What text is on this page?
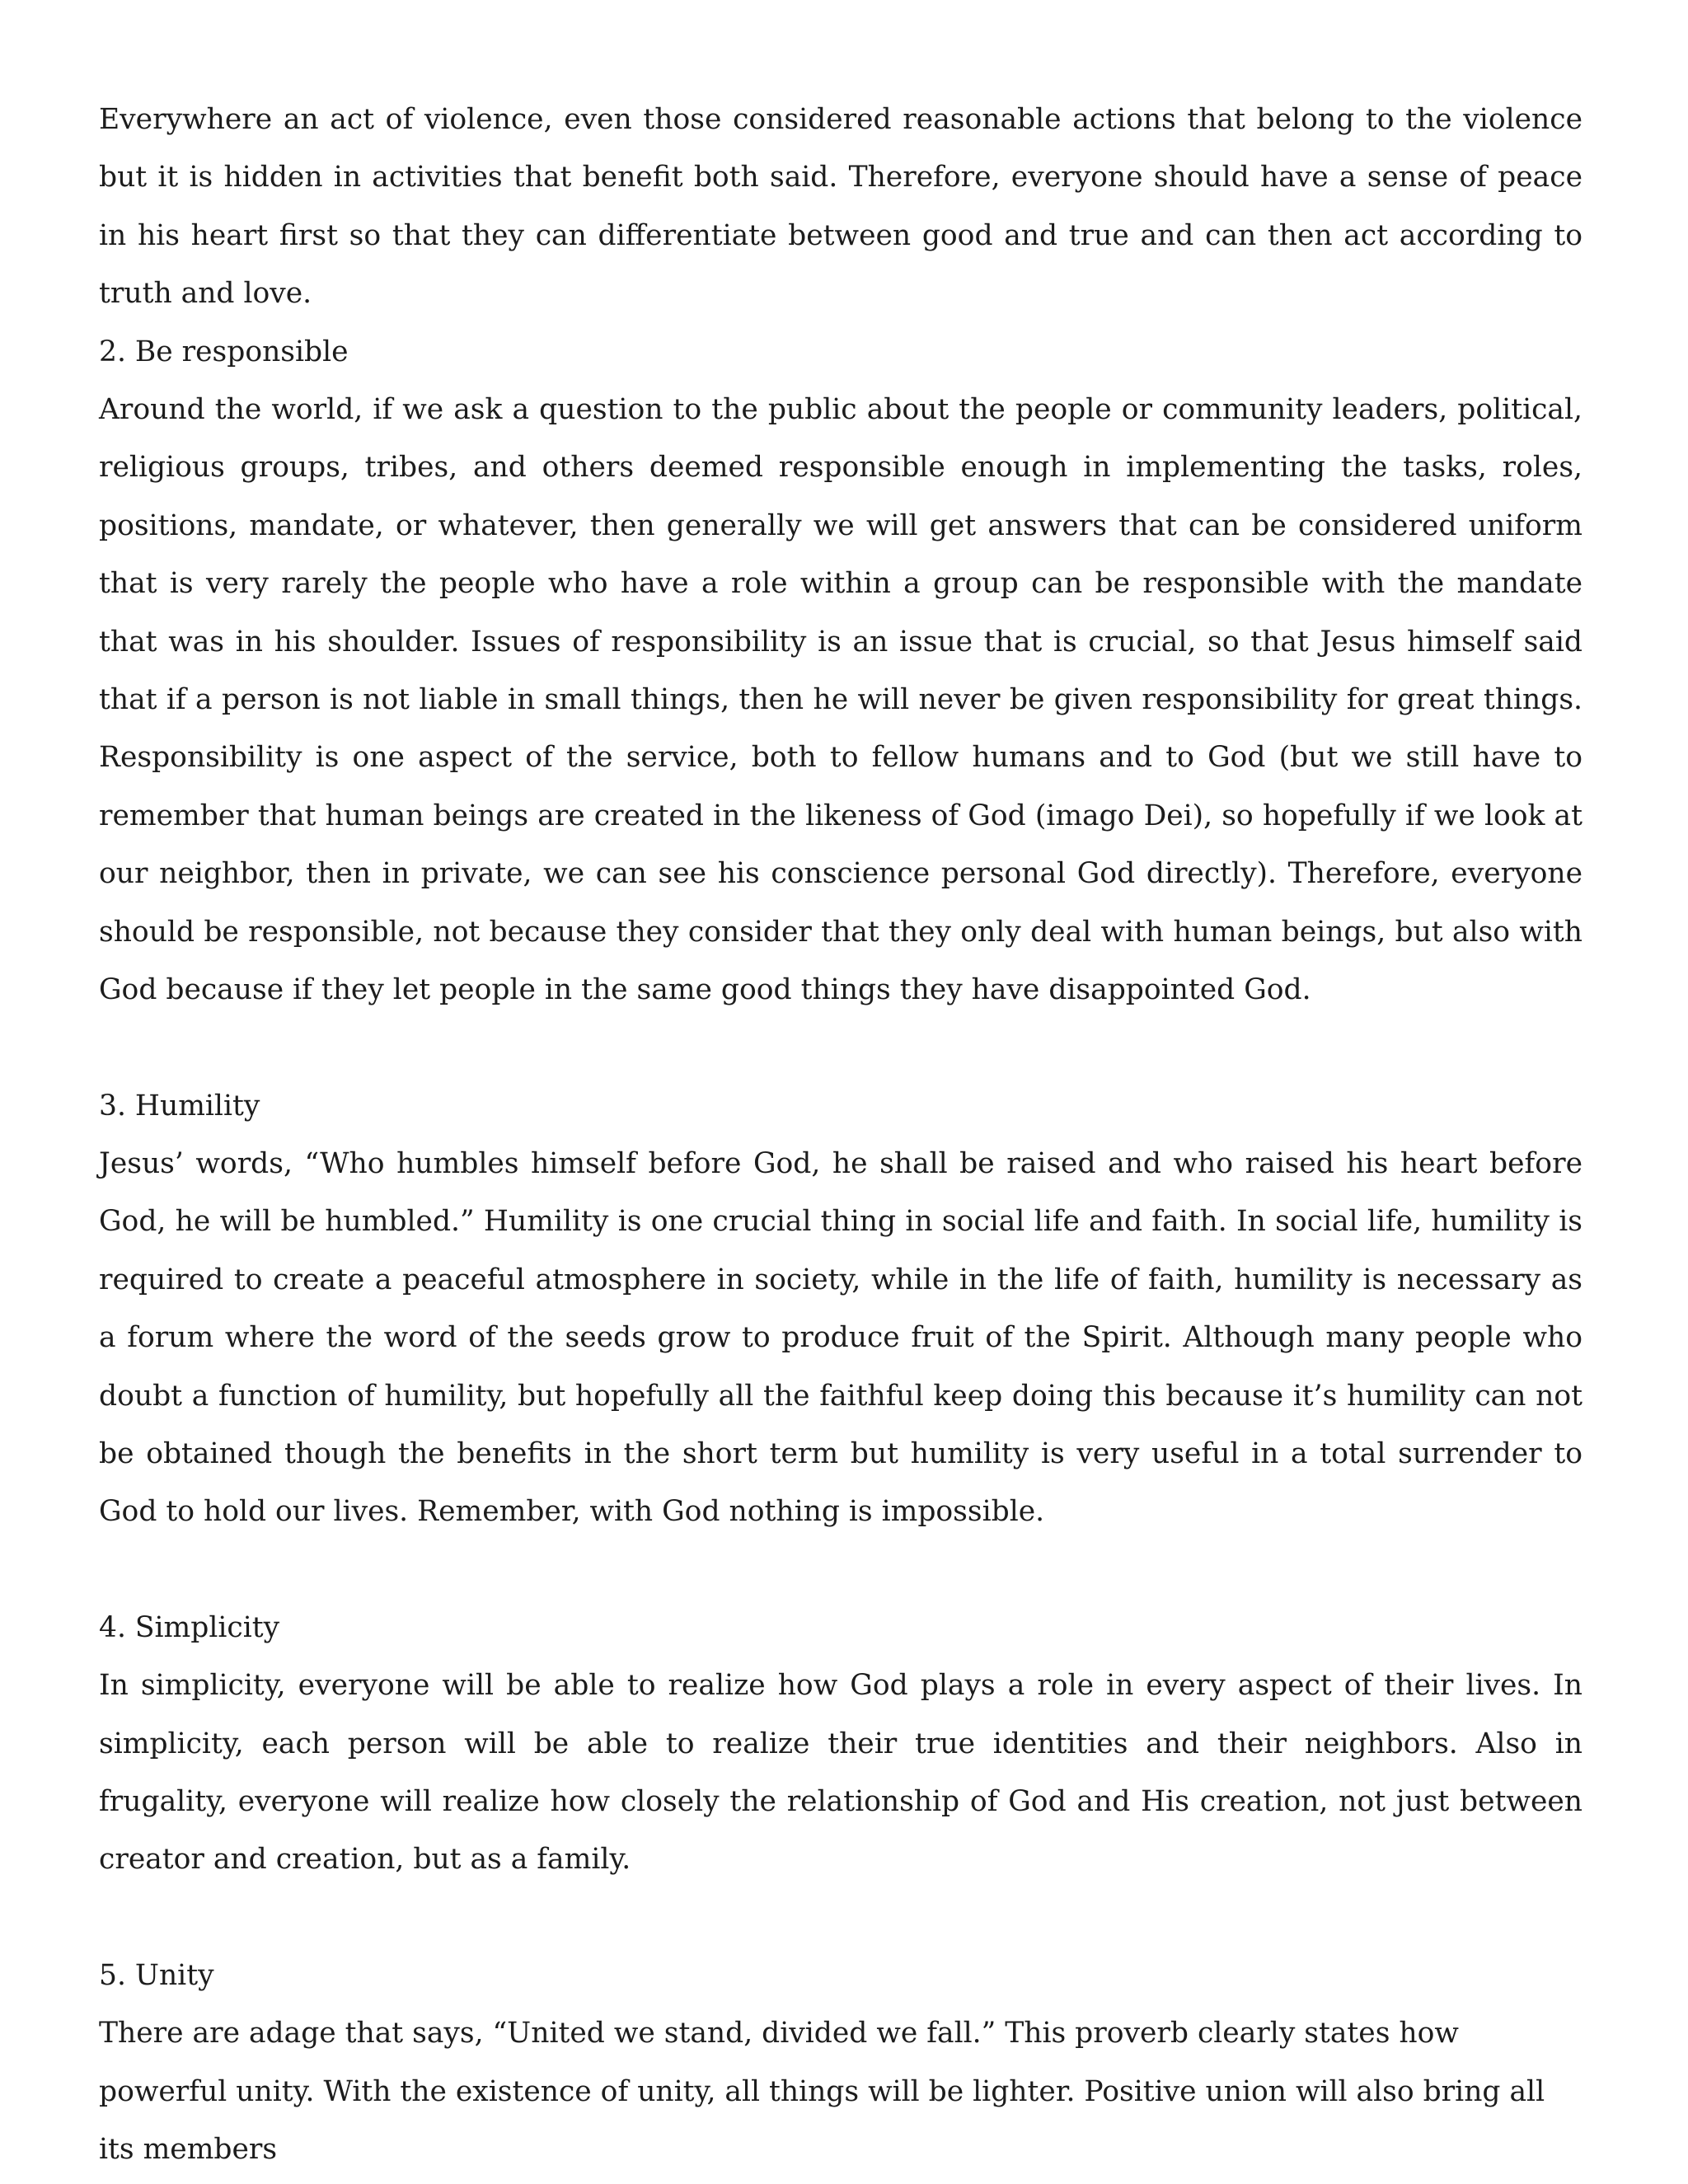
Everywhere an act of violence, even those considered reasonable actions that belong to the violence but it is hidden in activities that benefit both said. Therefore, everyone should have a sense of peace in his heart first so that they can differentiate between good and true and can then act according to truth and love.

2. Be responsible

Around the world, if we ask a question to the public about the people or community leaders, political, religious groups, tribes, and others deemed responsible enough in implementing the tasks, roles, positions, mandate, or whatever, then generally we will get answers that can be considered uniform that is very rarely the people who have a role within a group can be responsible with the mandate that was in his shoulder. Issues of responsibility is an issue that is crucial, so that Jesus himself said that if a person is not liable in small things, then he will never be given responsibility for great things. Responsibility is one aspect of the service, both to fellow humans and to God (but we still have to remember that human beings are created in the likeness of God (imago Dei), so hopefully if we look at our neighbor, then in private, we can see his conscience personal God directly). Therefore, everyone should be responsible, not because they consider that they only deal with human beings, but also with God because if they let people in the same good things they have disappointed God.

3. Humility

Jesus’ words, “Who humbles himself before God, he shall be raised and who raised his heart before God, he will be humbled.” Humility is one crucial thing in social life and faith. In social life, humility is required to create a peaceful atmosphere in society, while in the life of faith, humility is necessary as a forum where the word of the seeds grow to produce fruit of the Spirit. Although many people who doubt a function of humility, but hopefully all the faithful keep doing this because it’s humility can not be obtained though the benefits in the short term but humility is very useful in a total surrender to God to hold our lives. Remember, with God nothing is impossible.

4. Simplicity

In simplicity, everyone will be able to realize how God plays a role in every aspect of their lives. In simplicity, each person will be able to realize their true identities and their neighbors. Also in frugality, everyone will realize how closely the relationship of God and His creation, not just between creator and creation, but as a family.

5. Unity

There are adage that says, “United we stand, divided we fall.” This proverb clearly states how powerful unity. With the existence of unity, all things will be lighter. Positive union will also bring all its members
